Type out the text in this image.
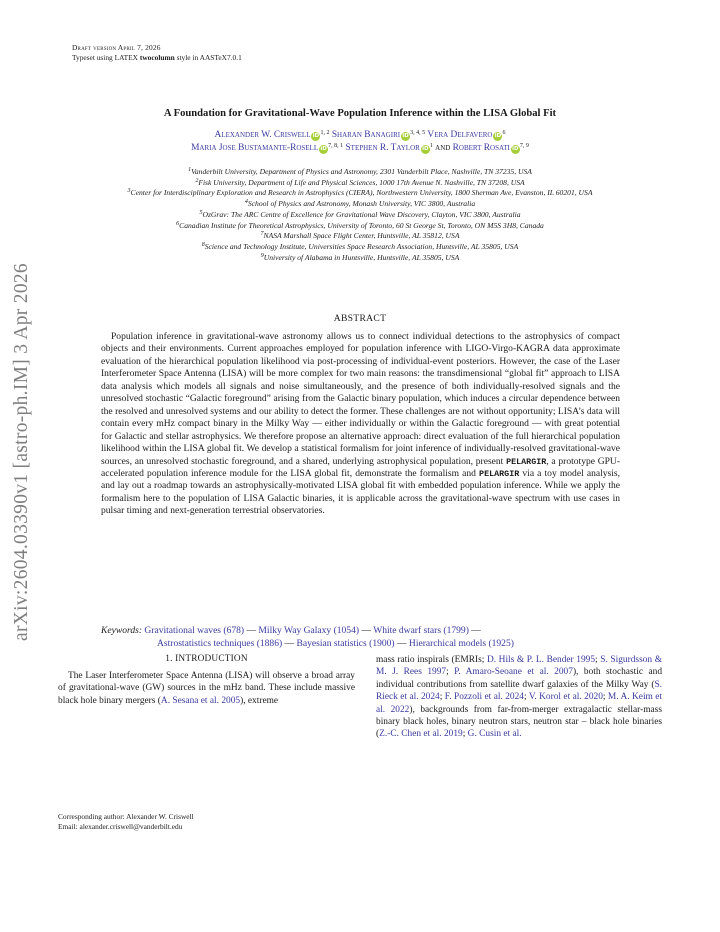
Draft version April 7, 2026
Typeset using LATEX twocolumn style in AASTeX7.0.1
arXiv:2604.03390v1 [astro-ph.IM] 3 Apr 2026
A Foundation for Gravitational-Wave Population Inference within the LISA Global Fit
Alexander W. Criswell iD$^{1, 2}$ Sharan Banagiri iD$^{3, 4, 5}$ Vera Delfavero $iD^6$
Maria Jose Bustamante-Rosell iD$^{7, 8, 1}$ Stephen R. Taylor $iD^1$ and Robert Rosati iD$^{7, 9}$
$^1$Vanderbilt University, Department of Physics and Astronomy, 2301 Vanderbilt Place, Nashville, TN 37235, USA
$^2$Fisk University, Department of Life and Physical Sciences, 1000 17th Avenue N. Nashville, TN 37208, USA
$^3$Center for Interdisciplinary Exploration and Research in Astrophysics (CIERA), Northwestern University, 1800 Sherman Ave, Evanston, IL 60201, USA
$^4$School of Physics and Astronomy, Monash University, VIC 3800, Australia
$^5$OzGrav: The ARC Centre of Excellence for Gravitational Wave Discovery, Clayton, VIC 3800, Australia
$^6$Canadian Institute for Theoretical Astrophysics, University of Toronto, 60 St George St, Toronto, ON M5S 3H8, Canada
$^7$NASA Marshall Space Flight Center, Huntsville, AL 35812, USA
$^8$Science and Technology Institute, Universities Space Research Association, Huntsville, AL 35805, USA
$^9$University of Alabama in Huntsville, Huntsville, AL 35805, USA
ABSTRACT
Population inference in gravitational-wave astronomy allows us to connect individual detections to the astrophysics of compact objects and their environments. Current approaches employed for population inference with LIGO-Virgo-KAGRA data approximate evaluation of the hierarchical population likelihood via post-processing of individual-event posteriors. However, the case of the Laser Interferometer Space Antenna (LISA) will be more complex for two main reasons: the transdimensional “global fit” approach to LISA data analysis which models all signals and noise simultaneously, and the presence of both individually-resolved signals and the unresolved stochastic “Galactic foreground” arising from the Galactic binary population, which induces a circular dependence between the resolved and unresolved systems and our ability to detect the former. These challenges are not without opportunity; LISA’s data will contain every mHz compact binary in the Milky Way — either individually or within the Galactic foreground — with great potential for Galactic and stellar astrophysics. We therefore propose an alternative approach: direct evaluation of the full hierarchical population likelihood within the LISA global fit. We develop a statistical formalism for joint inference of individually-resolved gravitational-wave sources, an unresolved stochastic foreground, and a shared, underlying astrophysical population, present PELARGIR, a prototype GPU-accelerated population inference module for the LISA global fit, demonstrate the formalism and PELARGIR via a toy model analysis, and lay out a roadmap towards an astrophysically-motivated LISA global fit with embedded population inference. While we apply the formalism here to the population of LISA Galactic binaries, it is applicable across the gravitational-wave spectrum with use cases in pulsar timing and next-generation terrestrial observatories.
Keywords: Gravitational waves (678) — Milky Way Galaxy (1054) — White dwarf stars (1799) —
Astrostatistics techniques (1886) — Bayesian statistics (1900) — Hierarchical models (1925)
1. INTRODUCTION
The Laser Interferometer Space Antenna (LISA) will observe a broad array of gravitational-wave (GW) sources in the mHz band. These include massive black hole binary mergers (A. Sesana et al. 2005), extreme
mass ratio inspirals (EMRIs; D. Hils & P. L. Bender 1995; S. Sigurdsson & M. J. Rees 1997; P. Amaro-Seoane et al. 2007), both stochastic and individual contributions from satellite dwarf galaxies of the Milky Way (S. Rieck et al. 2024; F. Pozzoli et al. 2024; V. Korol et al. 2020; M. A. Keim et al. 2022), backgrounds from far-from-merger extragalactic stellar-mass binary black holes, binary neutron stars, neutron star – black hole binaries (Z.-C. Chen et al. 2019; G. Cusin et al.
Corresponding author: Alexander W. Criswell
Email: alexander.criswell@vanderbilt.edu
